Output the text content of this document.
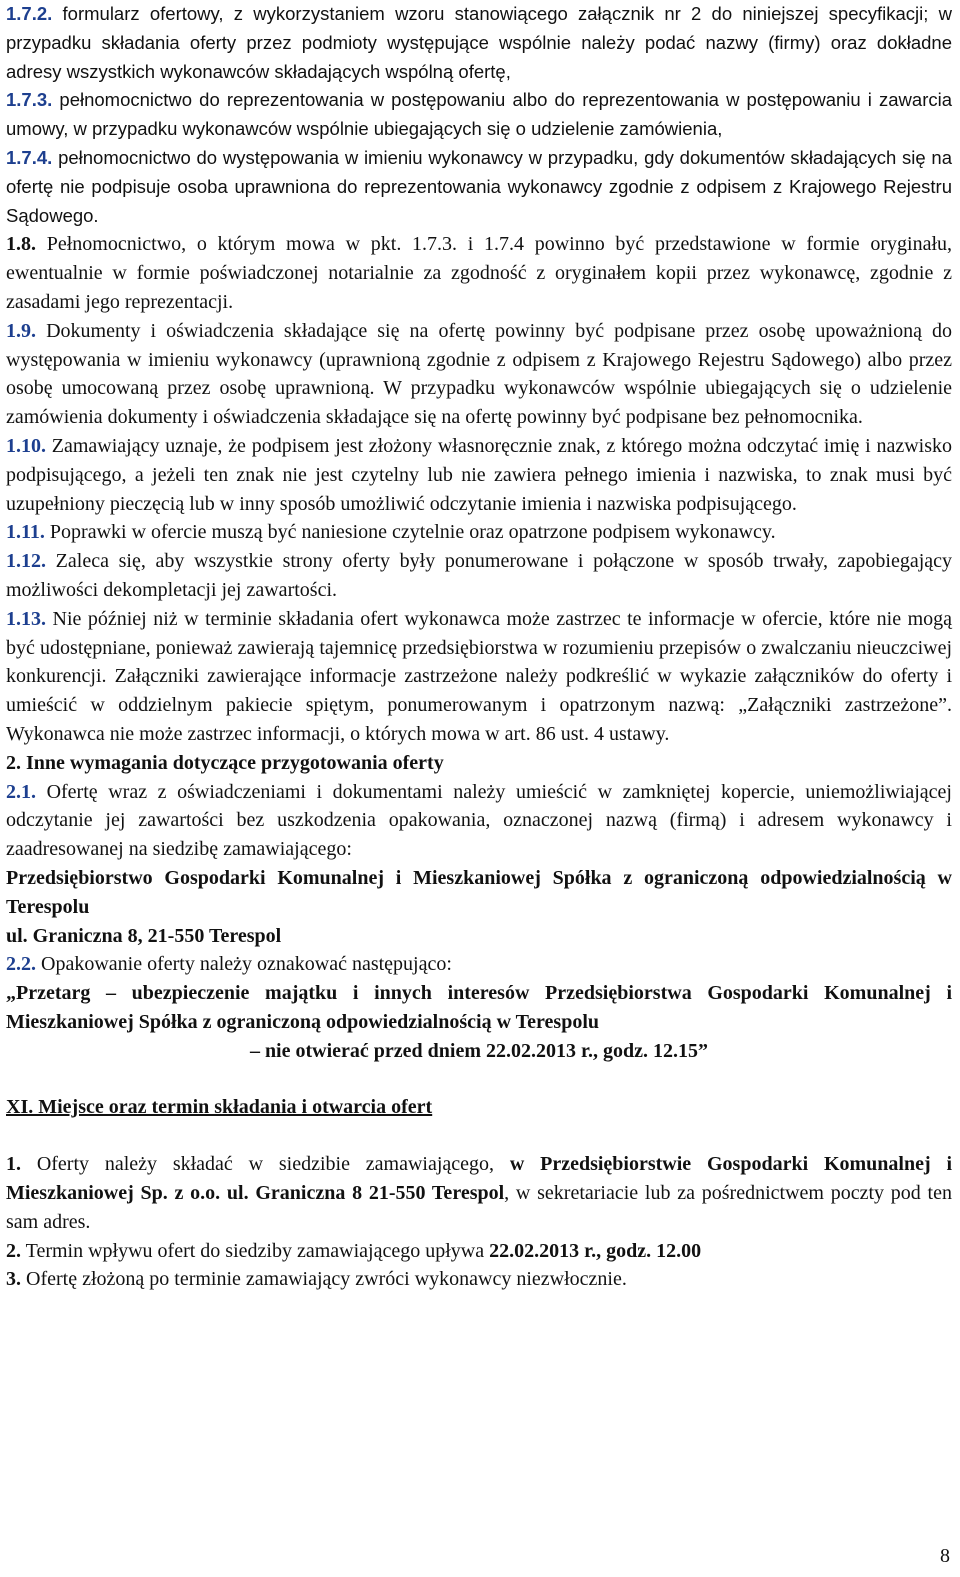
1.7.2. formularz ofertowy, z wykorzystaniem wzoru stanowiącego załącznik nr 2 do niniejszej specyfikacji; w przypadku składania oferty przez podmioty występujące wspólnie należy podać nazwy (firmy) oraz dokładne adresy wszystkich wykonawców składających wspólną ofertę,

1.7.3. pełnomocnictwo do reprezentowania w postępowaniu albo do reprezentowania w postępowaniu i zawarcia umowy, w przypadku wykonawców wspólnie ubiegających się o udzielenie zamówienia,

1.7.4. pełnomocnictwo do występowania w imieniu wykonawcy w przypadku, gdy dokumentów składających się na ofertę nie podpisuje osoba uprawniona do reprezentowania wykonawcy zgodnie z odpisem z Krajowego Rejestru Sądowego.

1.8. Pełnomocnictwo, o którym mowa w pkt. 1.7.3. i 1.7.4 powinno być przedstawione w formie oryginału, ewentualnie w formie poświadczonej notarialnie za zgodność z oryginałem kopii przez wykonawcę, zgodnie z zasadami jego reprezentacji.

1.9. Dokumenty i oświadczenia składające się na ofertę powinny być podpisane przez osobę upoważnioną do występowania w imieniu wykonawcy (uprawnioną zgodnie z odpisem z Krajowego Rejestru Sądowego) albo przez osobę umocowaną przez osobę uprawnioną. W przypadku wykonawców wspólnie ubiegających się o udzielenie zamówienia dokumenty i oświadczenia składające się na ofertę powinny być podpisane bez pełnomocnika.

1.10. Zamawiający uznaje, że podpisem jest złożony własnoręcznie znak, z którego można odczytać imię i nazwisko podpisującego, a jeżeli ten znak nie jest czytelny lub nie zawiera pełnego imienia i nazwiska, to znak musi być uzupełniony pieczęcią lub w inny sposób umożliwić odczytanie imienia i nazwiska podpisującego.

1.11. Poprawki w ofercie muszą być naniesione czytelnie oraz opatrzone podpisem wykonawcy.

1.12. Zaleca się, aby wszystkie strony oferty były ponumerowane i połączone w sposób trwały, zapobiegający możliwości dekompletacji jej zawartości.

1.13. Nie później niż w terminie składania ofert wykonawca może zastrzec te informacje w ofercie, które nie mogą być udostępniane, ponieważ zawierają tajemnicę przedsiębiorstwa w rozumieniu przepisów o zwalczaniu nieuczciwej konkurencji. Załączniki zawierające informacje zastrzeżone należy podkreślić w wykazie załączników do oferty i umieścić w oddzielnym pakiecie spiętym, ponumerowanym i opatrzonym nazwą: „Załączniki zastrzeżone”. Wykonawca nie może zastrzec informacji, o których mowa w art. 86 ust. 4 ustawy.

2. Inne wymagania dotyczące przygotowania oferty

2.1. Ofertę wraz z oświadczeniami i dokumentami należy umieścić w zamkniętej kopercie, uniemożliwiającej odczytanie jej zawartości bez uszkodzenia opakowania, oznaczonej nazwą (firmą) i adresem wykonawcy i zaadresowanej na siedzibę zamawiającego:

Przedsiębiorstwo Gospodarki Komunalnej i Mieszkaniowej Spółka z ograniczoną odpowiedzialnością w Terespolu

ul. Graniczna 8, 21-550 Terespol

2.2. Opakowanie oferty należy oznakować następująco:

„Przetarg – ubezpieczenie majątku i innych interesów Przedsiębiorstwa Gospodarki Komunalnej i Mieszkaniowej Spółka z ograniczoną odpowiedzialnością w Terespolu

– nie otwierać przed dniem 22.02.2013 r., godz. 12.15”

XI. Miejsce oraz termin składania i otwarcia ofert

1. Oferty należy składać w siedzibie zamawiającego, w Przedsiębiorstwie Gospodarki Komunalnej i Mieszkaniowej Sp. z o.o. ul. Graniczna 8 21-550 Terespol, w sekretariacie lub za pośrednictwem poczty pod ten sam adres.

2. Termin wpływu ofert do siedziby zamawiającego upływa 22.02.2013 r., godz. 12.00

3. Ofertę złożoną po terminie zamawiający zwróci wykonawcy niezwłocznie.

8
